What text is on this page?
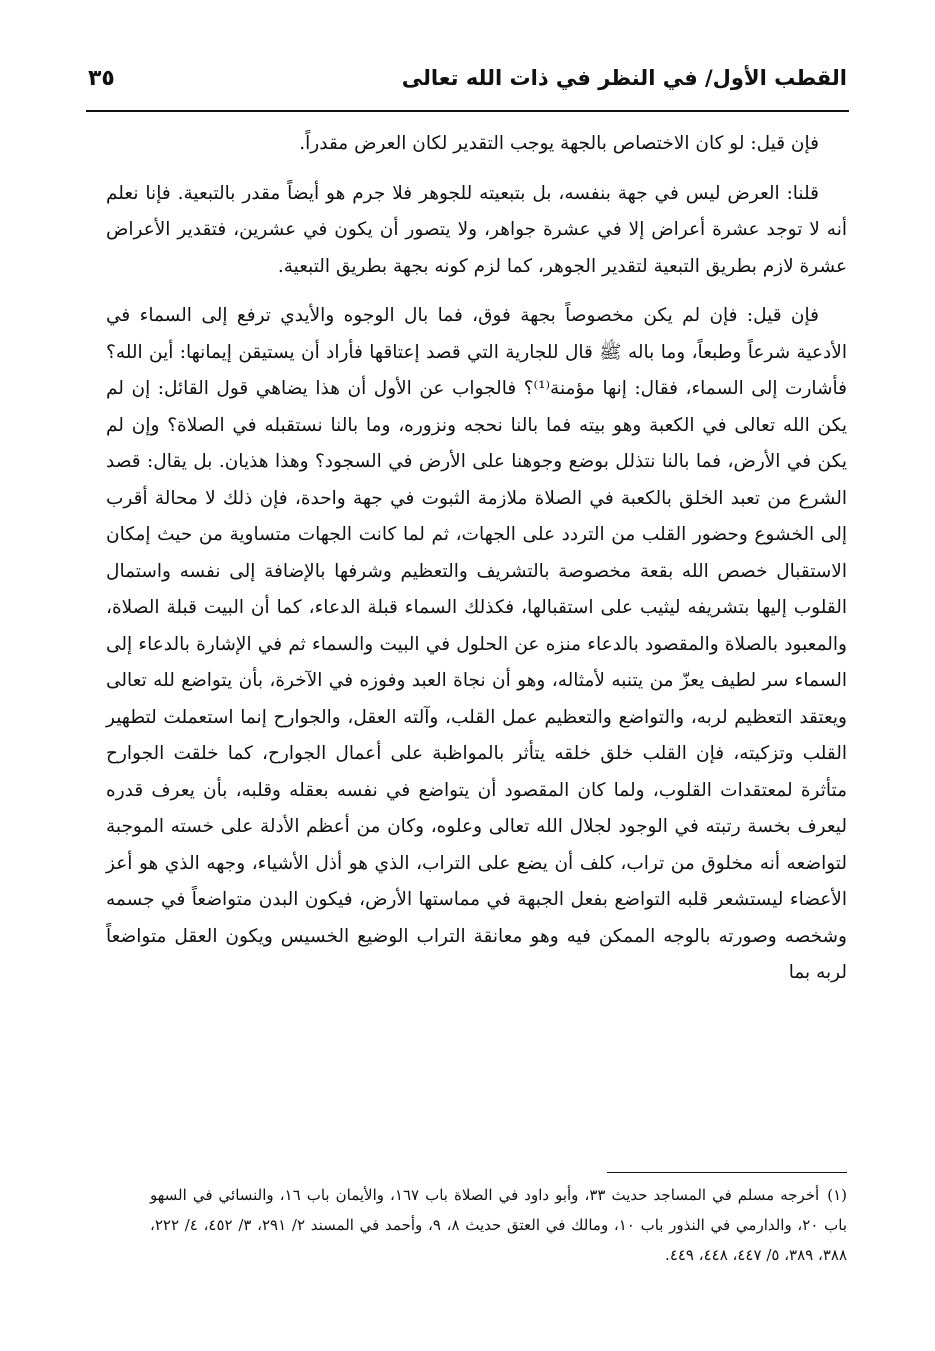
القطب الأول/ في النظر في ذات الله تعالى
٣٥

فإن قيل: لو كان الاختصاص بالجهة يوجب التقدير لكان العرض مقدراً.

قلنا: العرض ليس في جهة بنفسه، بل بتبعيته للجوهر فلا جرم هو أيضاً مقدر بالتبعية. فإنا نعلم أنه لا توجد عشرة أعراض إلا في عشرة جواهر، ولا يتصور أن يكون في عشرين، فتقدير الأعراض عشرة لازم بطريق التبعية لتقدير الجوهر، كما لزم كونه بجهة بطريق التبعية.

فإن قيل: فإن لم يكن مخصوصاً بجهة فوق، فما بال الوجوه والأيدي ترفع إلى السماء في الأدعية شرعاً وطبعاً، وما باله ﷺ قال للجارية التي قصد إعتاقها فأراد أن يستيقن إيمانها: أين الله؟ فأشارت إلى السماء، فقال: إنها مؤمنة⁽¹⁾؟ فالجواب عن الأول أن هذا يضاهي قول القائل: إن لم يكن الله تعالى في الكعبة وهو بيته فما بالنا نحجه ونزوره، وما بالنا نستقبله في الصلاة؟ وإن لم يكن في الأرض، فما بالنا نتذلل بوضع وجوهنا على الأرض في السجود؟ وهذا هذيان. بل يقال: قصد الشرع من تعبد الخلق بالكعبة في الصلاة ملازمة الثبوت في جهة واحدة، فإن ذلك لا محالة أقرب إلى الخشوع وحضور القلب من التردد على الجهات، ثم لما كانت الجهات متساوية من حيث إمكان الاستقبال خصص الله بقعة مخصوصة بالتشريف والتعظيم وشرفها بالإضافة إلى نفسه واستمال القلوب إليها بتشريفه ليثيب على استقبالها، فكذلك السماء قبلة الدعاء، كما أن البيت قبلة الصلاة، والمعبود بالصلاة والمقصود بالدعاء منزه عن الحلول في البيت والسماء ثم في الإشارة بالدعاء إلى السماء سر لطيف يعزّ من يتنبه لأمثاله، وهو أن نجاة العبد وفوزه في الآخرة، بأن يتواضع لله تعالى ويعتقد التعظيم لربه، والتواضع والتعظيم عمل القلب، وآلته العقل، والجوارح إنما استعملت لتطهير القلب وتزكيته، فإن القلب خلق خلقه يتأثر بالمواظبة على أعمال الجوارح، كما خلقت الجوارح متأثرة لمعتقدات القلوب، ولما كان المقصود أن يتواضع في نفسه بعقله وقلبه، بأن يعرف قدره ليعرف بخسة رتبته في الوجود لجلال الله تعالى وعلوه، وكان من أعظم الأدلة على خسته الموجبة لتواضعه أنه مخلوق من تراب، كلف أن يضع على التراب، الذي هو أذل الأشياء، وجهه الذي هو أعز الأعضاء ليستشعر قلبه التواضع بفعل الجبهة في مماستها الأرض، فيكون البدن متواضعاً في جسمه وشخصه وصورته بالوجه الممكن فيه وهو معانقة التراب الوضيع الخسيس ويكون العقل متواضعاً لربه بما

(١)أخرجه مسلم في المساجد حديث ٣٣، وأبو داود في الصلاة باب ١٦٧، والأيمان باب ١٦، والنسائي في السهو باب ٢٠، والدارمي في النذور باب ١٠، ومالك في العتق حديث ٨، ٩، وأحمد في المسند ٢/ ٢٩١، ٣/ ٤٥٢، ٤/ ٢٢٢، ٣٨٨، ٣٨٩، ٥/ ٤٤٧، ٤٤٨، ٤٤٩.
